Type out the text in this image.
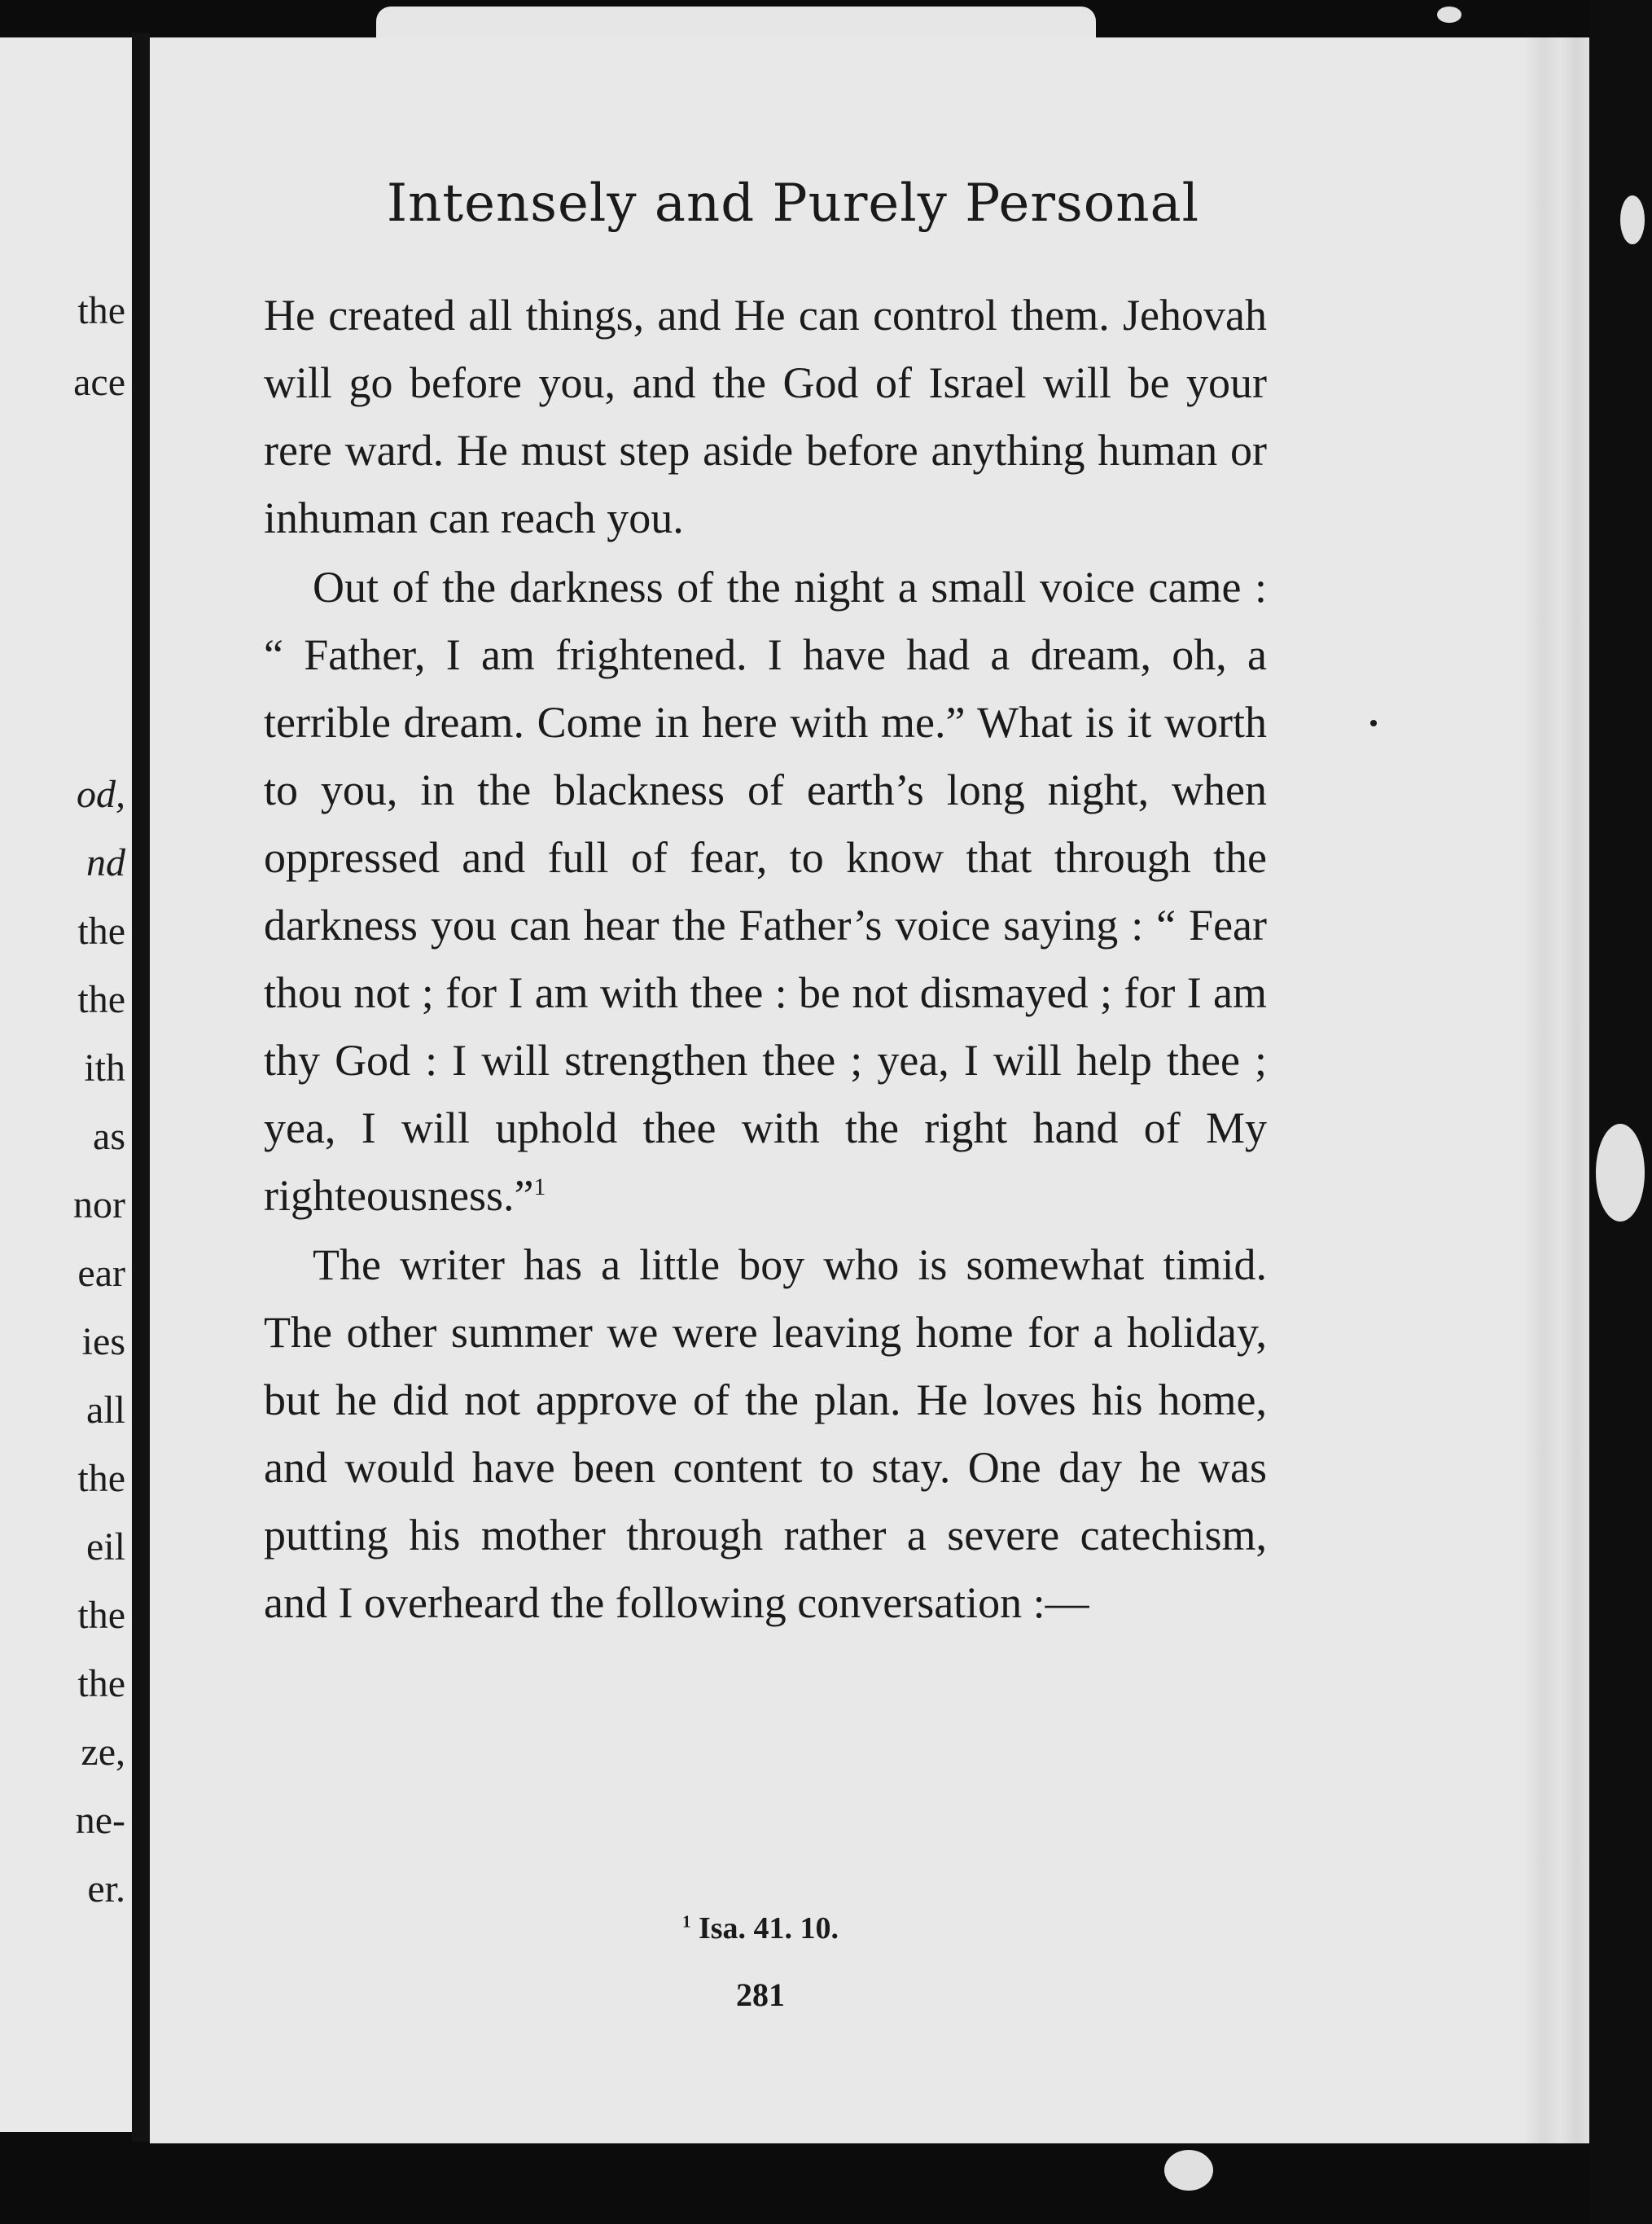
the
ace
od,
nd
the
the
ith
as
nor
ear
ies
all
the
eil
the
the
ze,
ne-
er.
Intensely and Purely Personal

He created all things, and He can control them. Jehovah will go before you, and the God of Israel will be your rere ward. He must step aside before anything human or inhuman can reach you.

Out of the darkness of the night a small voice came : “ Father, I am frightened. I have had a dream, oh, a terrible dream. Come in here with me.” What is it worth to you, in the blackness of earth’s long night, when oppressed and full of fear, to know that through the darkness you can hear the Father’s voice saying : “ Fear thou not ; for I am with thee : be not dismayed ; for I am thy God : I will strengthen thee ; yea, I will help thee ; yea, I will uphold thee with the right hand of My righteousness.”$^1$

The writer has a little boy who is somewhat timid. The other summer we were leaving home for a holiday, but he did not approve of the plan. He loves his home, and would have been content to stay. One day he was putting his mother through rather a severe catechism, and I overheard the following conversation :—

$^1$ Isa. 41. 10.
281
